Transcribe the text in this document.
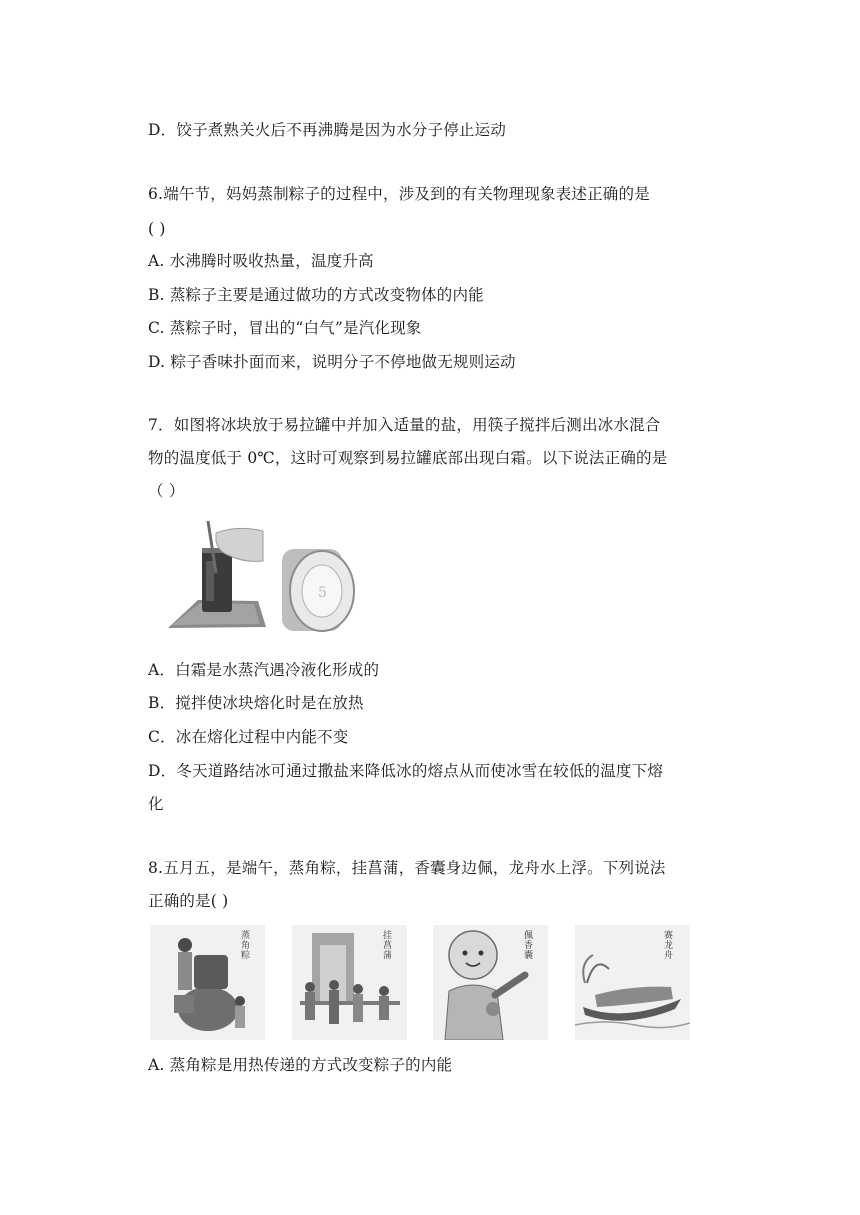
D．饺子煮熟关火后不再沸腾是因为水分子停止运动
6.端午节，妈妈蒸制粽子的过程中，涉及到的有关物理现象表述正确的是
( )
A. 水沸腾时吸收热量，温度升高
B. 蒸粽子主要是通过做功的方式改变物体的内能
C. 蒸粽子时，冒出的“白气”是汽化现象
D. 粽子香味扑面而来，说明分子不停地做无规则运动
7．如图将冰块放于易拉罐中并加入适量的盐，用筷子搅拌后测出冰水混合
物的温度低于 0℃，这时可观察到易拉罐底部出现白霜。以下说法正确的是
（ ）
5
A．白霜是水蒸汽遇冷液化形成的
B．搅拌使冰块熔化时是在放热
C．冰在熔化过程中内能不变
D．冬天道路结冰可通过撒盐来降低冰的熔点从而使冰雪在较低的温度下熔
化
8.五月五，是端午，蒸角粽，挂菖蒲，香囊身边佩，龙舟水上浮。下列说法
正确的是( )
蒸角粽
挂菖蒲
佩香囊
赛龙舟
A. 蒸角粽是用热传递的方式改变粽子的内能
